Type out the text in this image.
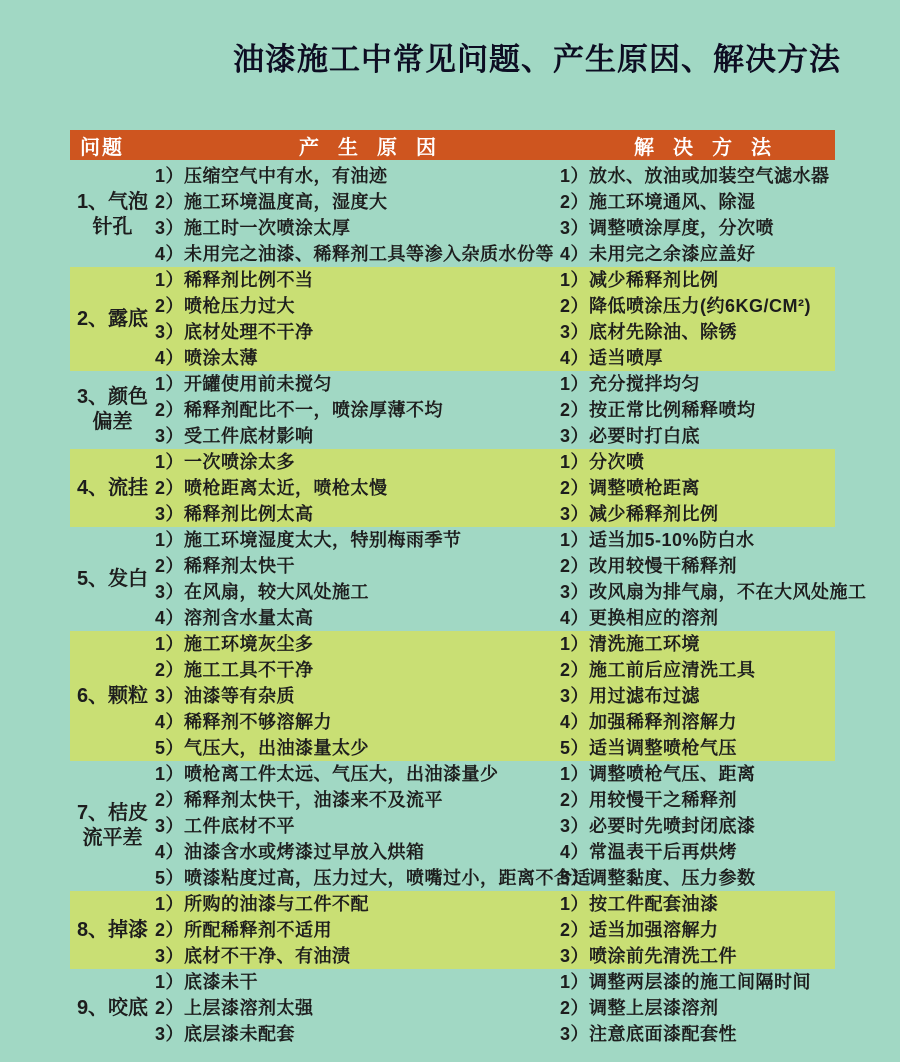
油漆施工中常见问题、产生原因、解决方法
问题	产生原因	解决方法
1、气泡
针孔
1）压缩空气中有水，有油迹
2）施工环境温度高，湿度大
3）施工时一次喷涂太厚
4）未用完之油漆、稀释剂工具等渗入杂质水份等
1）放水、放油或加装空气滤水器
2）施工环境通风、除湿
3）调整喷涂厚度，分次喷
4）未用完之余漆应盖好
2、露底
1）稀释剂比例不当
2）喷枪压力过大
3）底材处理不干净
4）喷涂太薄
1）减少稀释剂比例
2）降低喷涂压力(约6KG/CM²)
3）底材先除油、除锈
4）适当喷厚
3、颜色
偏差
1）开罐使用前未搅匀
2）稀释剂配比不一，喷涂厚薄不均
3）受工件底材影响
1）充分搅拌均匀
2）按正常比例稀释喷均
3）必要时打白底
4、流挂
1）一次喷涂太多
2）喷枪距离太近，喷枪太慢
3）稀释剂比例太高
1）分次喷
2）调整喷枪距离
3）减少稀释剂比例
5、发白
1）施工环境湿度太大，特别梅雨季节
2）稀释剂太快干
3）在风扇，较大风处施工
4）溶剂含水量太高
1）适当加5-10%防白水
2）改用较慢干稀释剂
3）改风扇为排气扇，不在大风处施工
4）更换相应的溶剂
6、颗粒
1）施工环境灰尘多
2）施工工具不干净
3）油漆等有杂质
4）稀释剂不够溶解力
5）气压大，出油漆量太少
1）清洗施工环境
2）施工前后应清洗工具
3）用过滤布过滤
4）加强稀释剂溶解力
5）适当调整喷枪气压
7、桔皮
流平差
1）喷枪离工件太远、气压大，出油漆量少
2）稀释剂太快干，油漆来不及流平
3）工件底材不平
4）油漆含水或烤漆过早放入烘箱
5）喷漆粘度过高，压力过大，喷嘴过小，距离不合适
1）调整喷枪气压、距离
2）用较慢干之稀释剂
3）必要时先喷封闭底漆
4）常温表干后再烘烤
5）调整黏度、压力参数
8、掉漆
1）所购的油漆与工件不配
2）所配稀释剂不适用
3）底材不干净、有油渍
1）按工件配套油漆
2）适当加强溶解力
3）喷涂前先清洗工件
9、咬底
1）底漆未干
2）上层漆溶剂太强
3）底层漆未配套
1）调整两层漆的施工间隔时间
2）调整上层漆溶剂
3）注意底面漆配套性
